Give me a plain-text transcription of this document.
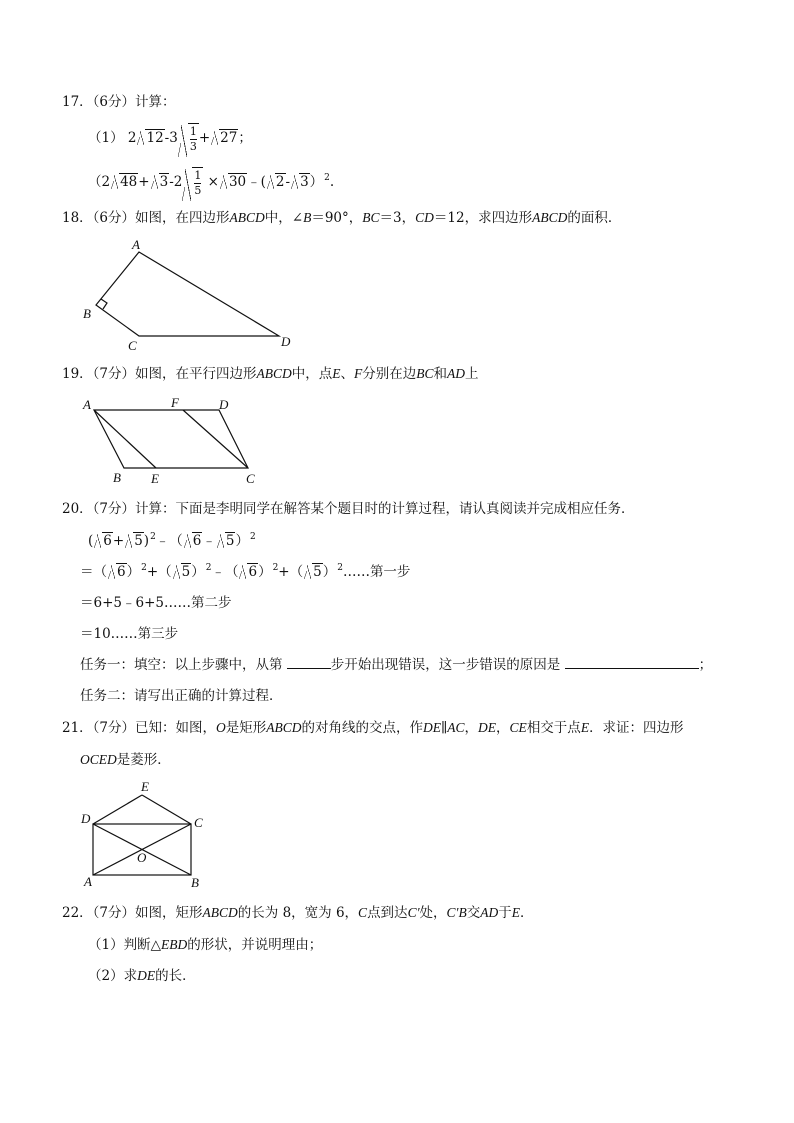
17．（6分）计算：
（1） 2 $12-3 \frac{1}{3} + 27$；
（2 $48+ 3-2 \frac{1}{5}$ × 30﹣( 2- 3）$^2$.
18．（6分）如图，在四边形ABCD中，∠B＝90°，BC＝3，CD＝12，求四边形ABCD的面积．
A
B
C	D
19．（7分）如图，在平行四边形ABCD中，点E、F分别在边BC和AD上
A	F	D
B E	C
20．（7分）计算：下面是李明同学在解答某个题目时的计算过程，请认真阅读并完成相应任务．
( 6+ 5)$^2$﹣（ 6﹣ 5）$^2$
＝（ 6）$^2$+（ 5）$^2$﹣（ 6）$^2$+（ 5）$^2$……第一步
＝6+5﹣6+5……第二步
＝10……第三步
任务一：填空：以上步骤中，从第	步开始出现错误，这一步错误的原因是	；
任务二：请写出正确的计算过程．
21．（7分）已知：如图，O是矩形ABCD的对角线的交点，作DE∥AC，DE，CE相交于点E．求证：四边形
OCED是菱形．
E
D	C
O
A	B
22．（7分）如图，矩形ABCD的长为 8，宽为 6，C点到达C′处，C′B交AD于E．
（1）判断△EBD的形状，并说明理由；
（2）求DE的长．
